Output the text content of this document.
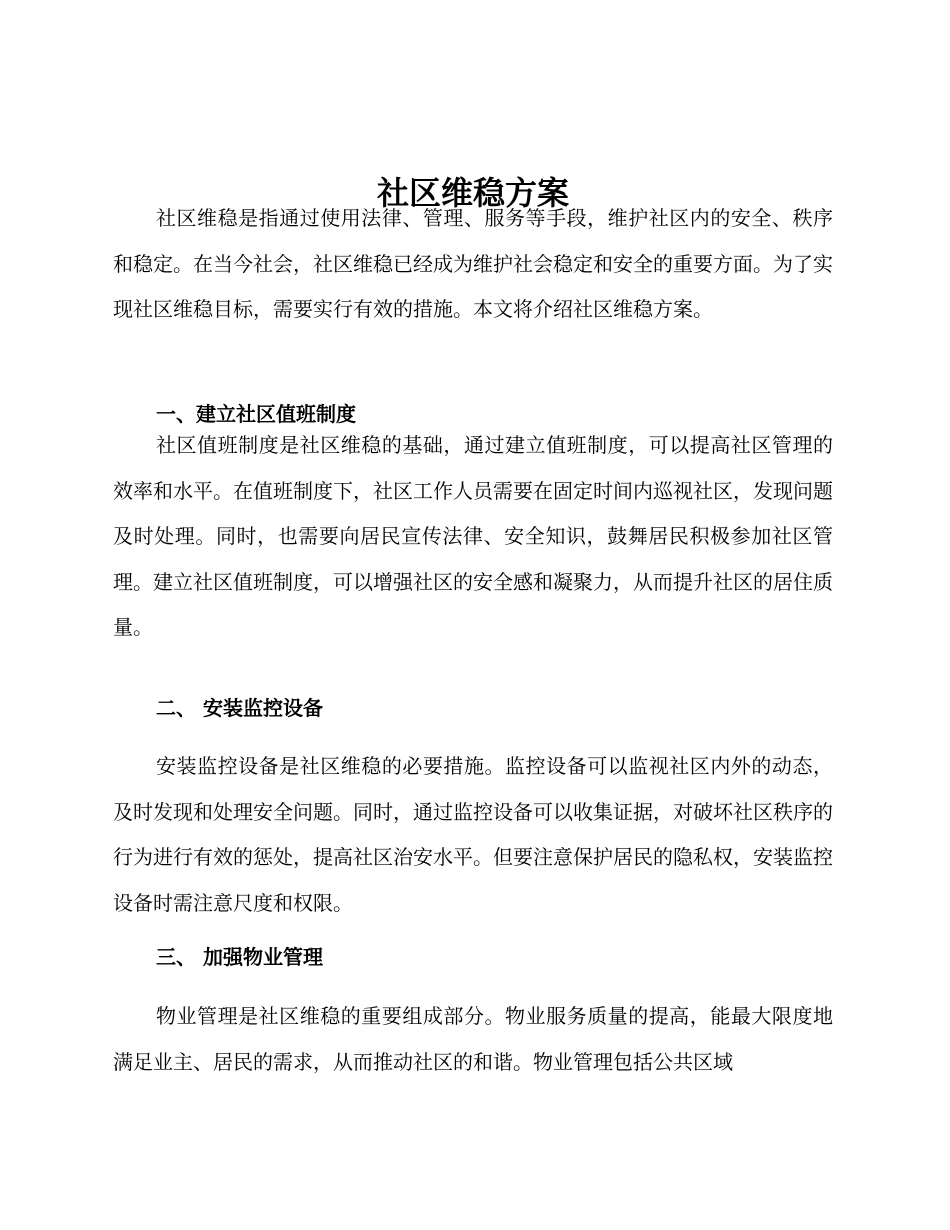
社区维稳方案

社区维稳是指通过使用法律、管理、服务等手段，维护社区内的安全、秩序和稳定。在当今社会，社区维稳已经成为维护社会稳定和安全的重要方面。为了实现社区维稳目标，需要实行有效的措施。本文将介绍社区维稳方案。

一、建立社区值班制度

社区值班制度是社区维稳的基础，通过建立值班制度，可以提高社区管理的效率和水平。在值班制度下，社区工作人员需要在固定时间内巡视社区，发现问题及时处理。同时，也需要向居民宣传法律、安全知识，鼓舞居民积极参加社区管理。建立社区值班制度，可以增强社区的安全感和凝聚力，从而提升社区的居住质量。

二、 安装监控设备

安装监控设备是社区维稳的必要措施。监控设备可以监视社区内外的动态，及时发现和处理安全问题。同时，通过监控设备可以收集证据，对破坏社区秩序的行为进行有效的惩处，提高社区治安水平。但要注意保护居民的隐私权，安装监控设备时需注意尺度和权限。

三、 加强物业管理

物业管理是社区维稳的重要组成部分。物业服务质量的提高，能最大限度地满足业主、居民的需求，从而推动社区的和谐。物业管理包括公共区域
